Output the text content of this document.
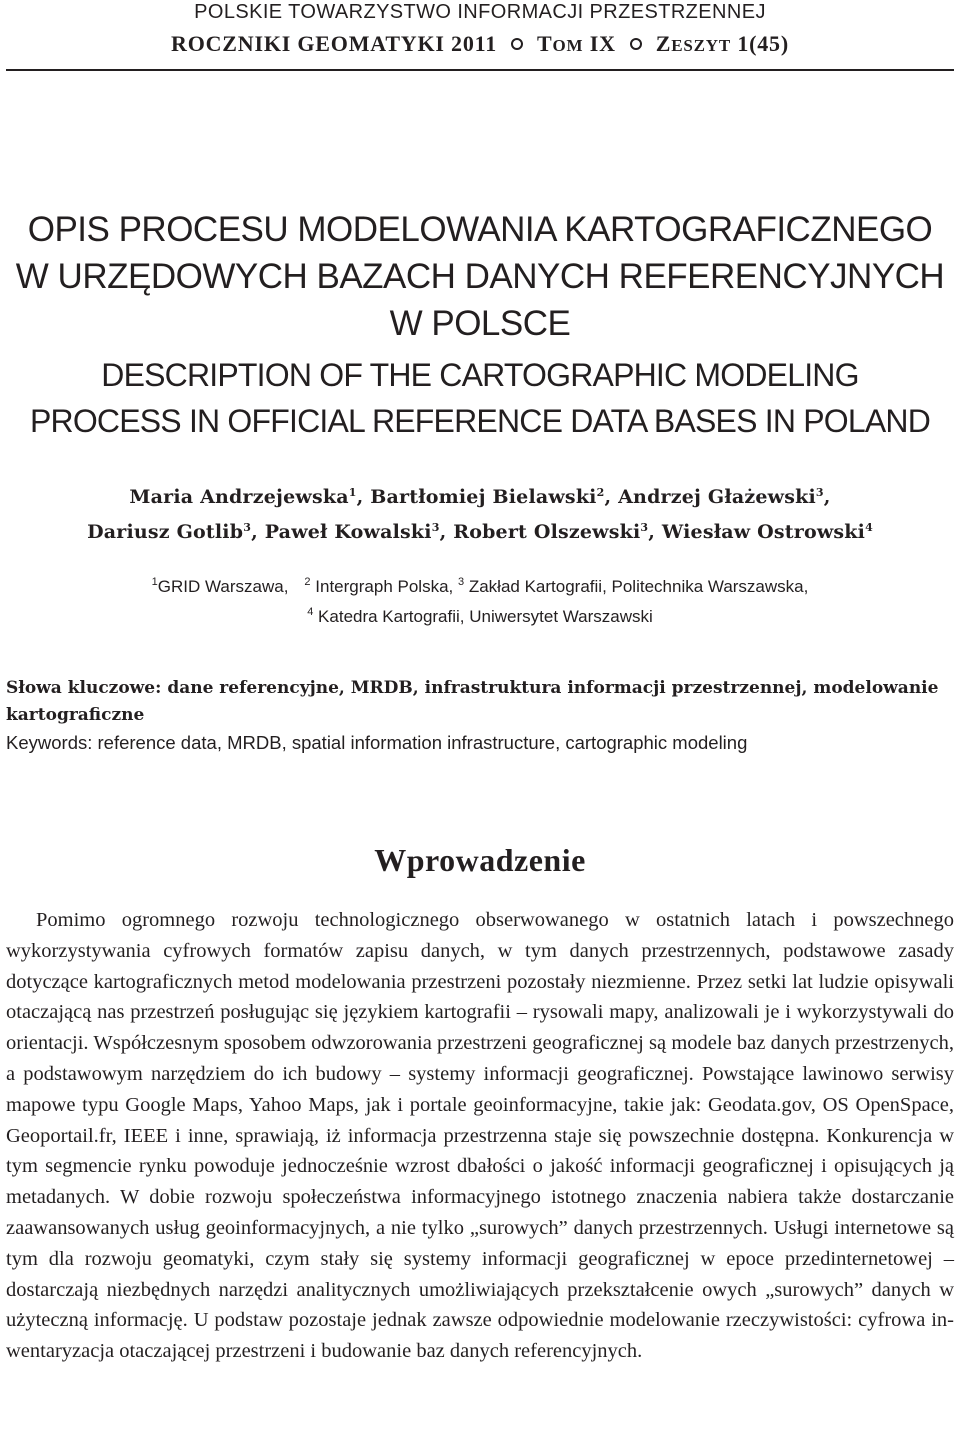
POLSKIE TOWARZYSTWO INFORMACJI PRZESTRZENNEJ
ROCZNIKI GEOMATYKI 2011 TOM IX ZESZYT 1(45)
OPIS PROCESU MODELOWANIA KARTOGRAFICZNEGO
W URZĘDOWYCH BAZACH DANYCH REFERENCYJNYCH
W POLSCE
DESCRIPTION OF THE CARTOGRAPHIC MODELING
PROCESS IN OFFICIAL REFERENCE DATA BASES IN POLAND
Maria Andrzejewska$^1$, Bartłomiej Bielawski$^2$, Andrzej Głażewski$^3$,
Dariusz Gotlib$^3$, Paweł Kowalski$^3$, Robert Olszewski$^3$, Wiesław Ostrowski$^4$
$^1$GRID Warszawa, $^2$ Intergraph Polska, $^3$ Zakład Kartografii, Politechnika Warszawska,
$^4$ Katedra Kartografii, Uniwersytet Warszawski
Słowa kluczowe: dane referencyjne, MRDB, infrastruktura informacji przestrzennej, modelowanie kartograficzne
Keywords: reference data, MRDB, spatial information infrastructure, cartographic modeling
Wprowadzenie

Pomimo ogromnego rozwoju technologicznego obserwowanego w ostatnich latach i powszechnego wykorzystywania cyfrowych formatów zapisu danych, w tym danych przestrzennych, podstawowe zasady dotyczące kartograficznych metod modelowania przestrzeni pozostały niezmienne. Przez setki lat ludzie opisywali otaczającą nas przestrzeń posługując się językiem kartografii – rysowali mapy, analizowali je i wykorzystywali do orientacji. Współczesnym sposobem odwzorowania przestrzeni geograficznej są modele baz danych przestrzenych, a podstawowym narzędziem do ich budowy – systemy informacji geograficznej. Powstające lawinowo serwisy mapowe typu Google Maps, Yahoo Maps, jak i portale geoinformacyjne, takie jak: Geodata.gov, OS OpenSpace, Geoportail.fr, IEEE i inne, sprawiają, iż informacja przestrzenna staje się powszechnie dostępna. Konkurencja w tym segmencie rynku powoduje jednocześnie wzrost dbałości o jakość informacji geograficznej i opisujących ją metadanych. W dobie rozwoju społeczeństwa informacyjnego istotnego znaczenia nabiera także dostarczanie zaawansowanych usług geoinformacyjnych, a nie tylko „surowych” danych przestrzennych. Usługi internetowe są tym dla rozwoju geomatyki, czym stały się systemy informacji geograficznej w epoce przedinternetowej – dostarczają niezbędnych narzędzi analitycznych umożliwiających przekształcenie owych „surowych” danych w użyteczną informację. U podstaw pozostaje jednak zawsze odpowiednie modelowanie rzeczywistości: cyfrowa inwentaryzacja otaczającej przestrzeni i budowanie baz danych referencyjnych.
